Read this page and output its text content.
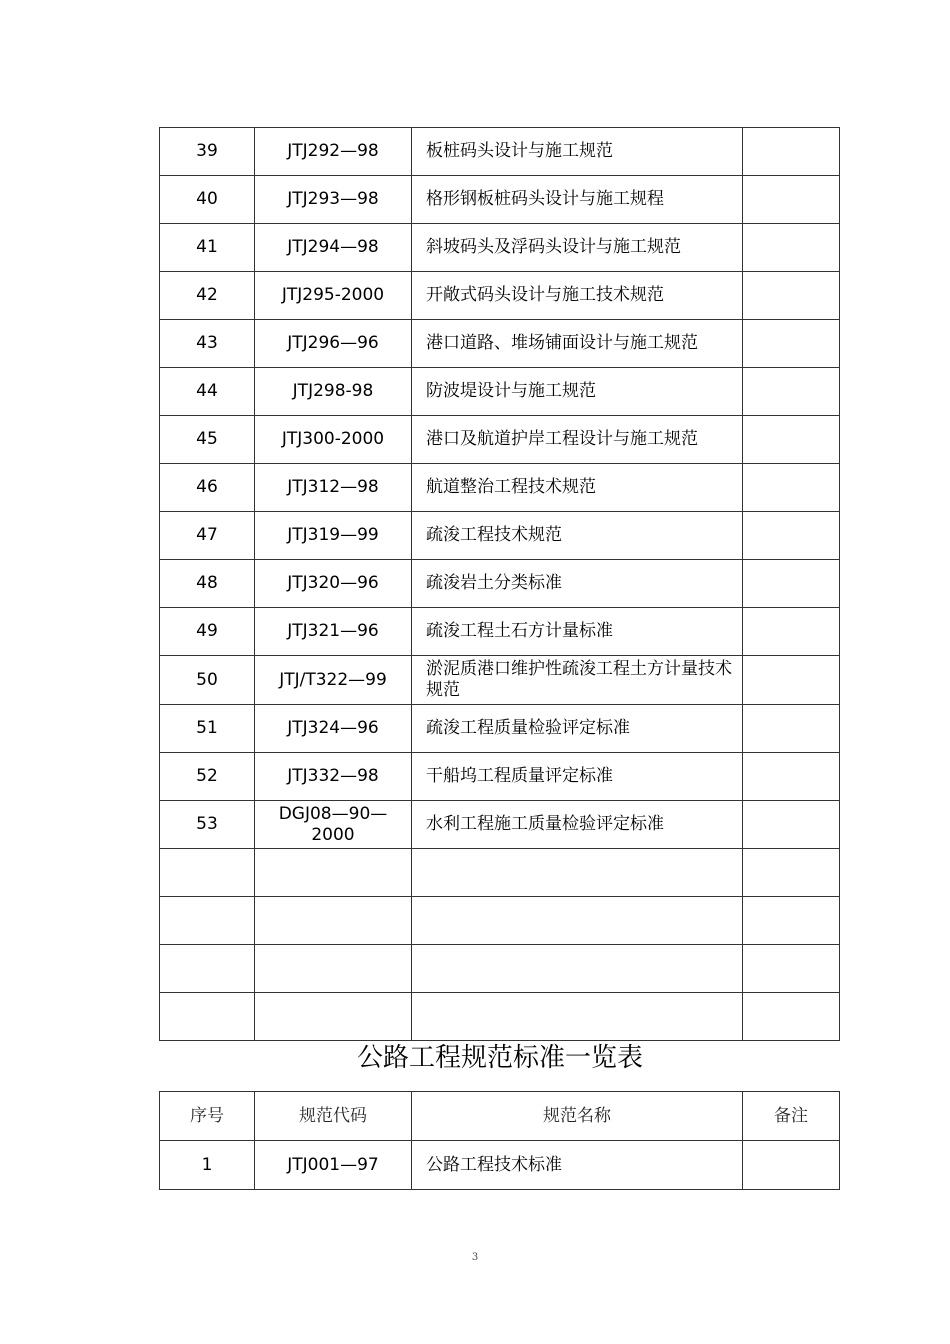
39	JTJ292—98	板桩码头设计与施工规范	
40	JTJ293—98	格形钢板桩码头设计与施工规程	
41	JTJ294—98	斜坡码头及浮码头设计与施工规范	
42	JTJ295-2000	开敞式码头设计与施工技术规范	
43	JTJ296—96	港口道路、堆场铺面设计与施工规范	
44	JTJ298-98	防波堤设计与施工规范	
45	JTJ300-2000	港口及航道护岸工程设计与施工规范	
46	JTJ312—98	航道整治工程技术规范	
47	JTJ319—99	疏浚工程技术规范	
48	JTJ320—96	疏浚岩土分类标准	
49	JTJ321—96	疏浚工程土石方计量标准	
50	JTJ/T322—99	淤泥质港口维护性疏浚工程土方计量技术规范	
51	JTJ324—96	疏浚工程质量检验评定标准	
52	JTJ332—98	干船坞工程质量评定标准	
53	DGJ08—90—2000	水利工程施工质量检验评定标准	

公路工程规范标准一览表
序号	规范代码	规范名称	备注
1	JTJ001—97	公路工程技术标准	
3
